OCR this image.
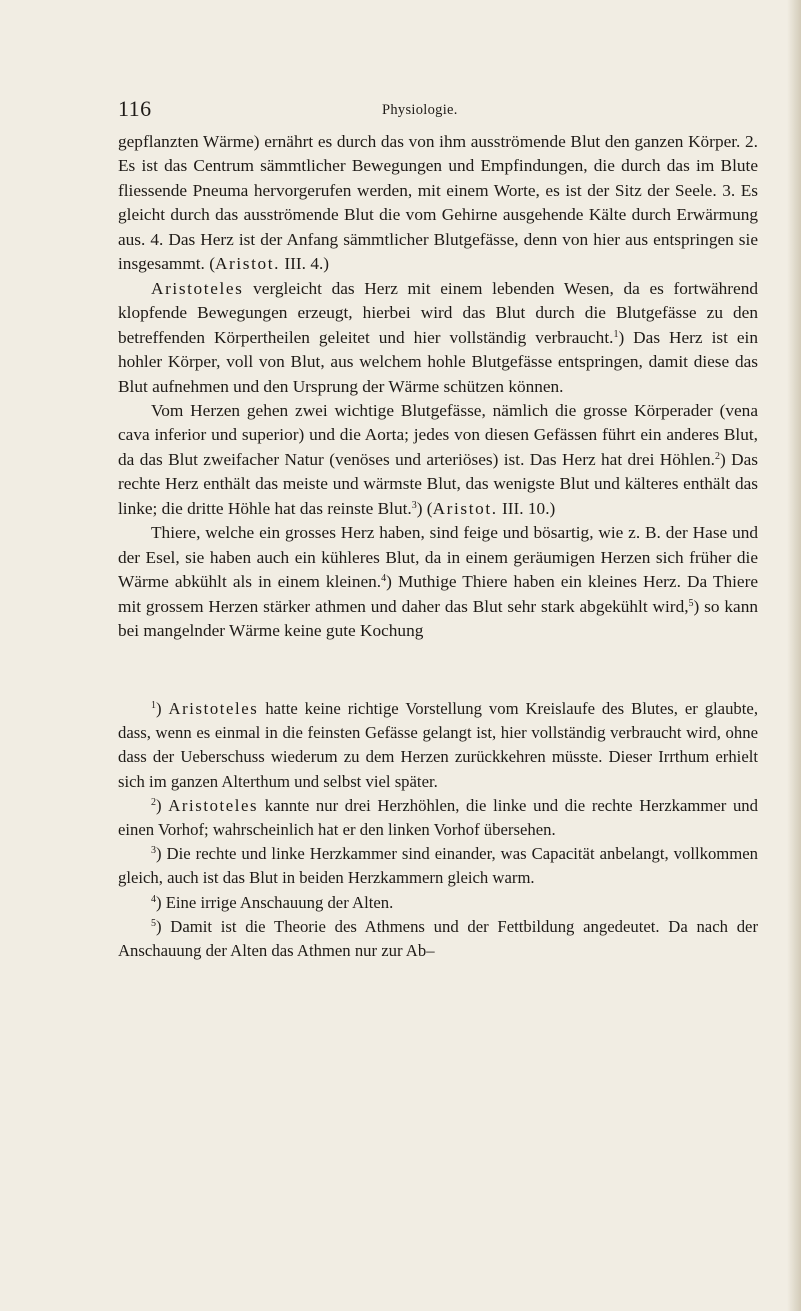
116	Physiologie.

gepflanzten Wärme) ernährt es durch das von ihm ausströmende Blut den ganzen Körper. 2. Es ist das Centrum sämmtlicher Bewegungen und Empfindungen, die durch das im Blute fliessende Pneuma hervorgerufen werden, mit einem Worte, es ist der Sitz der Seele. 3. Es gleicht durch das ausströmende Blut die vom Gehirne ausgehende Kälte durch Erwärmung aus. 4. Das Herz ist der Anfang sämmtlicher Blutgefässe, denn von hier aus entspringen sie insgesammt. (Aristot. III. 4.)

Aristoteles vergleicht das Herz mit einem lebenden Wesen, da es fortwährend klopfende Bewegungen erzeugt, hierbei wird das Blut durch die Blutgefässe zu den betreffenden Körpertheilen geleitet und hier vollständig verbraucht.$^1$) Das Herz ist ein hohler Körper, voll von Blut, aus welchem hohle Blutgefässe entspringen, damit diese das Blut aufnehmen und den Ursprung der Wärme schützen können.

Vom Herzen gehen zwei wichtige Blutgefässe, nämlich die grosse Körperader (vena cava inferior und superior) und die Aorta; jedes von diesen Gefässen führt ein anderes Blut, da das Blut zweifacher Natur (venöses und arteriöses) ist. Das Herz hat drei Höhlen.$^2$) Das rechte Herz enthält das meiste und wärmste Blut, das wenigste Blut und kälteres enthält das linke; die dritte Höhle hat das reinste Blut.$^3$) (Aristot. III. 10.)

Thiere, welche ein grosses Herz haben, sind feige und bösartig, wie z. B. der Hase und der Esel, sie haben auch ein kühleres Blut, da in einem geräumigen Herzen sich früher die Wärme abkühlt als in einem kleinen.$^4$) Muthige Thiere haben ein kleines Herz. Da Thiere mit grossem Herzen stärker athmen und daher das Blut sehr stark abgekühlt wird,$^5$) so kann bei mangelnder Wärme keine gute Kochung

$^1$) Aristoteles hatte keine richtige Vorstellung vom Kreislaufe des Blutes, er glaubte, dass, wenn es einmal in die feinsten Gefässe gelangt ist, hier vollständig verbraucht wird, ohne dass der Ueberschuss wiederum zu dem Herzen zurückkehren müsste. Dieser Irrthum erhielt sich im ganzen Alterthum und selbst viel später.

$^2$) Aristoteles kannte nur drei Herzhöhlen, die linke und die rechte Herzkammer und einen Vorhof; wahrscheinlich hat er den linken Vorhof übersehen.

$^3$) Die rechte und linke Herzkammer sind einander, was Capacität anbelangt, vollkommen gleich, auch ist das Blut in beiden Herzkammern gleich warm.

$^4$) Eine irrige Anschauung der Alten.

$^5$) Damit ist die Theorie des Athmens und der Fettbildung angedeutet. Da nach der Anschauung der Alten das Athmen nur zur Ab–
